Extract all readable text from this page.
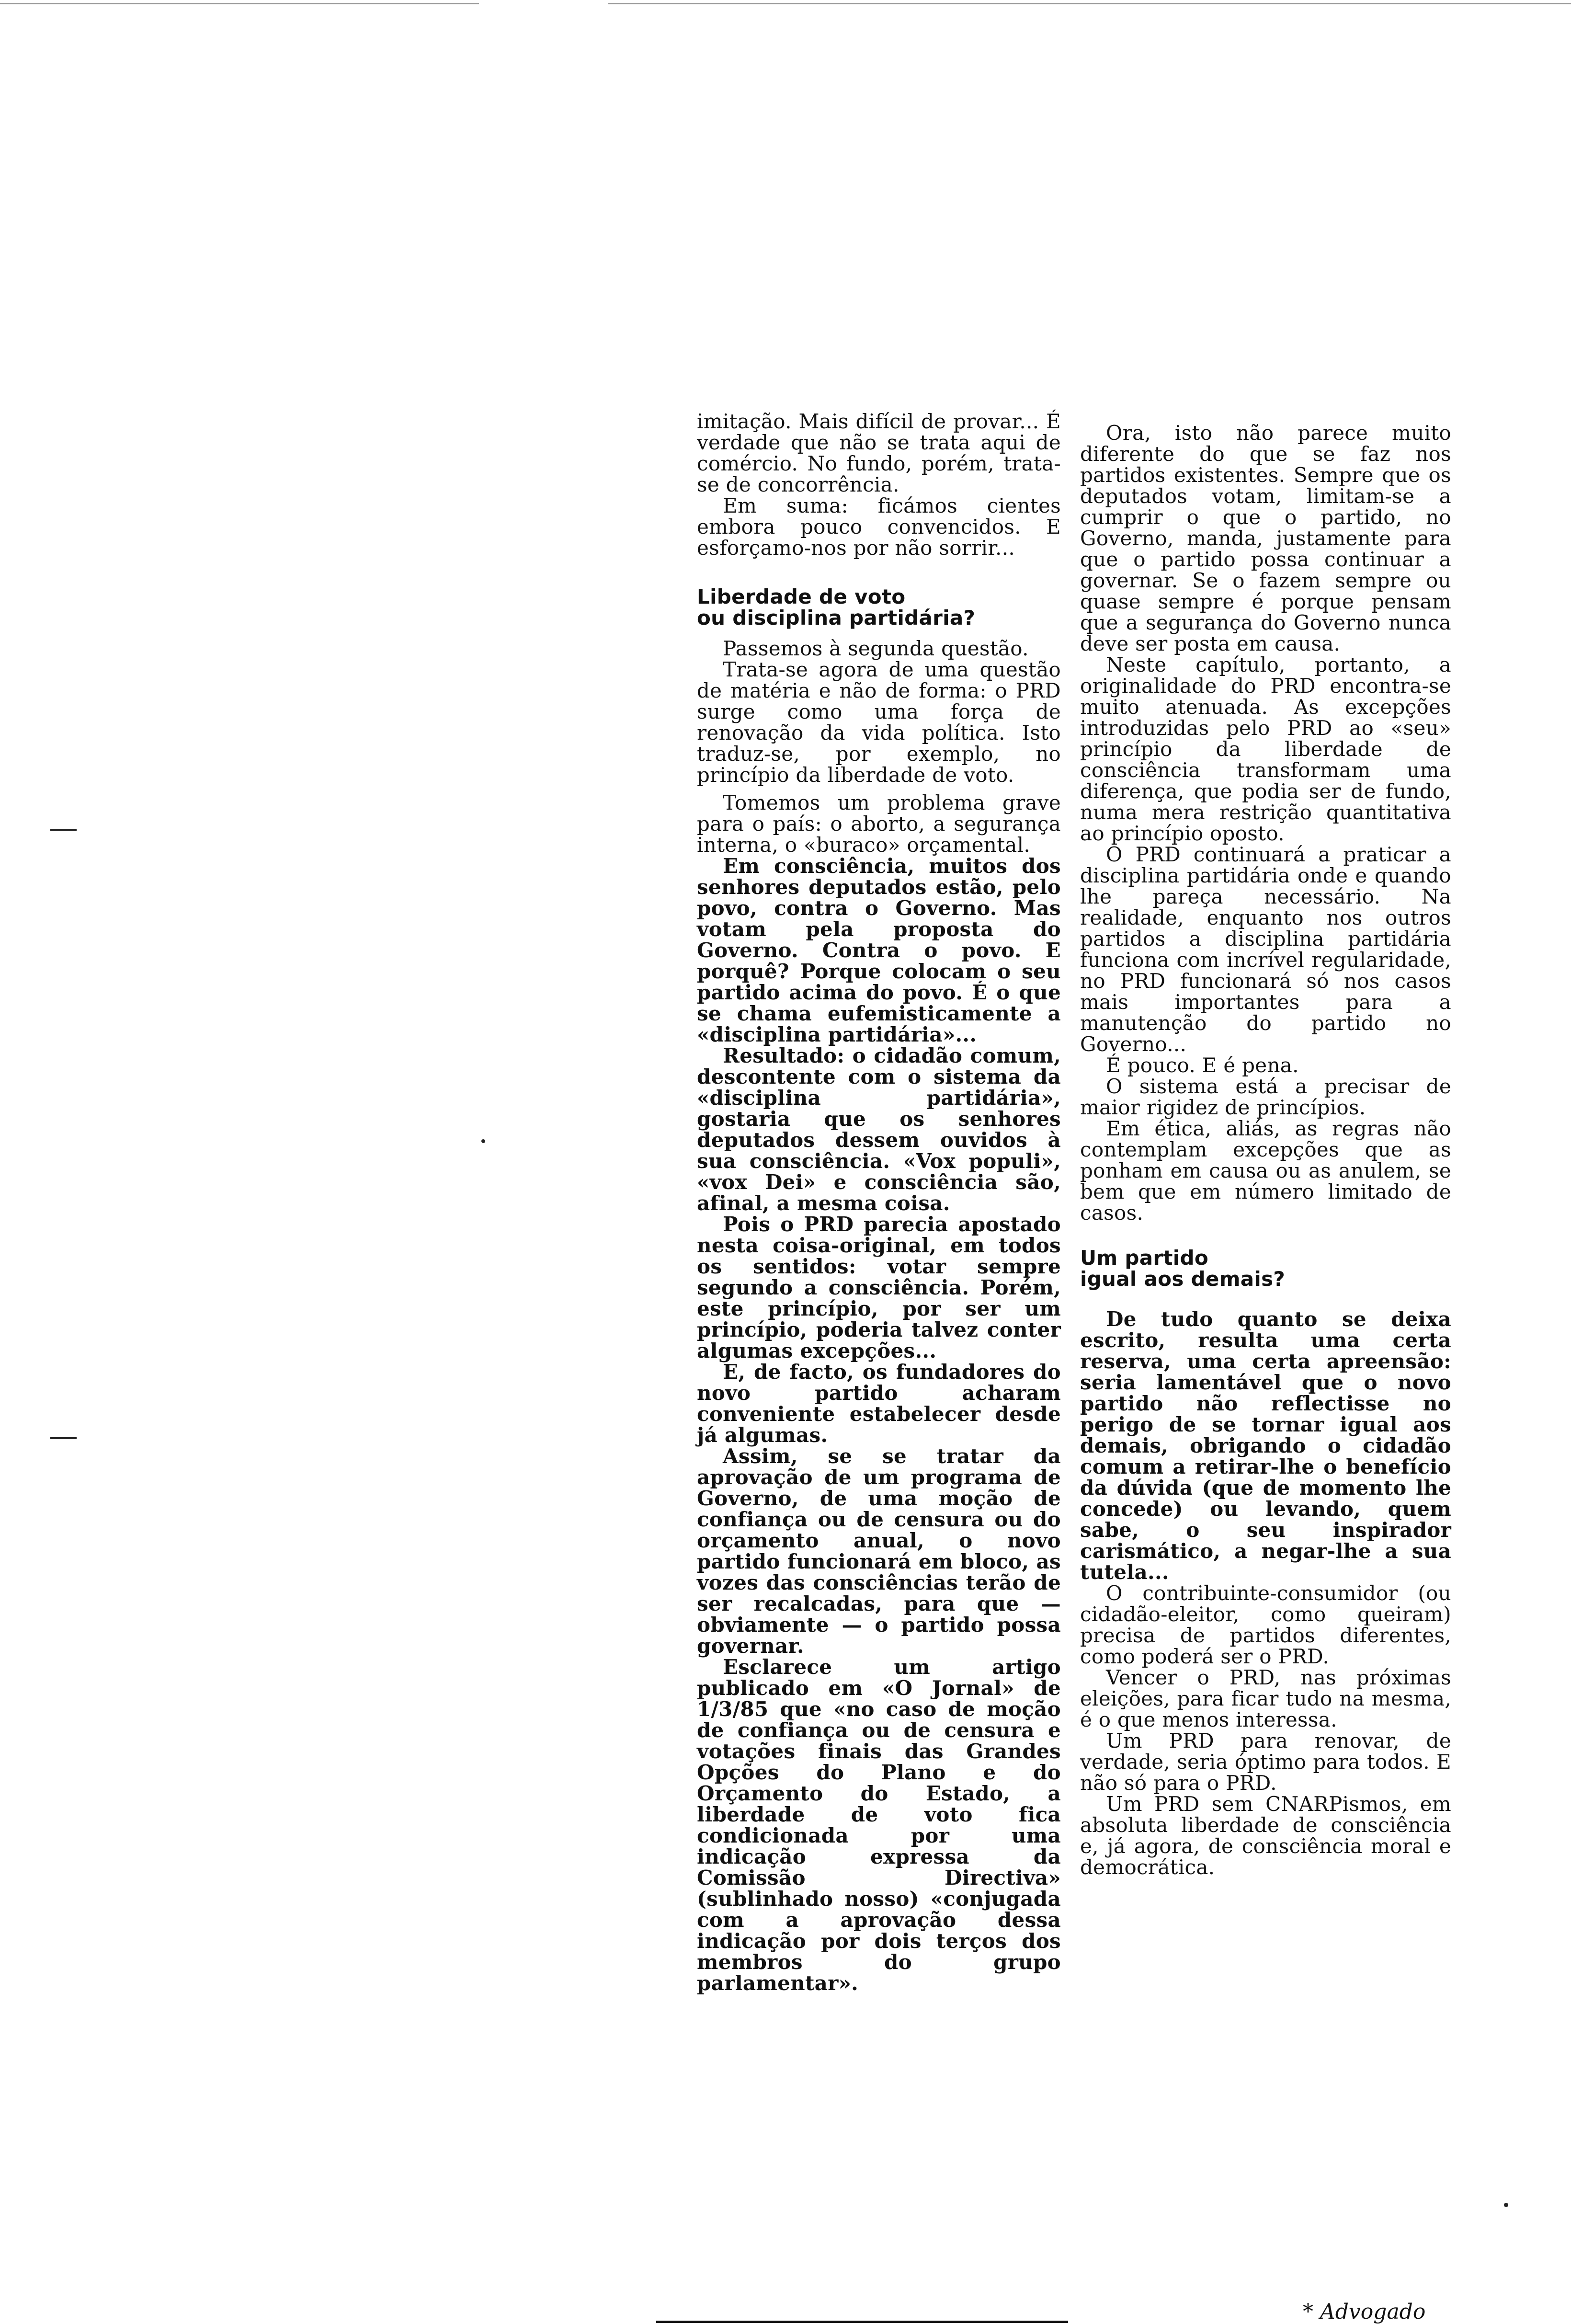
imitação. Mais difícil de provar... É verdade que não se trata aqui de comércio. No fundo, porém, trata-se de concorrência.

Em suma: ficámos cientes embora pouco convencidos. E esforçamo-nos por não sorrir...

Liberdade de voto

ou disciplina partidária?

Passemos à segunda questão.

Trata-se agora de uma questão de matéria e não de forma: o PRD surge como uma força de renovação da vida política. Isto traduz-se, por exemplo, no princípio da liberdade de voto.

Tomemos um problema grave para o país: o aborto, a segurança interna, o «buraco» orçamental.

Em consciência, muitos dos senhores deputados estão, pelo povo, contra o Governo. Mas votam pela proposta do Governo. Contra o povo. E porquê? Porque colocam o seu partido acima do povo. É o que se chama eufemisticamente a «disciplina partidária»...

Resultado: o cidadão comum, descontente com o sistema da «disciplina partidária», gostaria que os senhores deputados dessem ouvidos à sua consciência. «Vox populi», «vox Dei» e consciência são, afinal, a mesma coisa.

Pois o PRD parecia apostado nesta coisa-original, em todos os sentidos: votar sempre segundo a consciência. Porém, este princípio, por ser um princípio, poderia talvez conter algumas excepções...

E, de facto, os fundadores do novo partido acharam conveniente estabelecer desde já algumas.

Assim, se se tratar da aprovação de um programa de Governo, de uma moção de confiança ou de censura ou do orçamento anual, o novo partido funcionará em bloco, as vozes das consciências terão de ser recalcadas, para que — obviamente — o partido possa governar.

Esclarece um artigo publicado em «O Jornal» de 1/3/85 que «no caso de moção de confiança ou de censura e votações finais das Grandes Opções do Plano e do Orçamento do Estado, a liberdade de voto fica condicionada por uma indicação expressa da Comissão Directiva» (sublinhado nosso) «conjugada com a aprovação dessa indicação por dois terços dos membros do grupo parlamentar».

Ora, isto não parece muito diferente do que se faz nos partidos existentes. Sempre que os deputados votam, limitam-se a cumprir o que o partido, no Governo, manda, justamente para que o partido possa continuar a governar. Se o fazem sempre ou quase sempre é porque pensam que a segurança do Governo nunca deve ser posta em causa.

Neste capítulo, portanto, a originalidade do PRD encontra-se muito atenuada. As excepções introduzidas pelo PRD ao «seu» princípio da liberdade de consciência transformam uma diferença, que podia ser de fundo, numa mera restrição quantitativa ao princípio oposto.

O PRD continuará a praticar a disciplina partidária onde e quando lhe pareça necessário. Na realidade, enquanto nos outros partidos a disciplina partidária funciona com incrível regularidade, no PRD funcionará só nos casos mais importantes para a manutenção do partido no Governo...

É pouco. E é pena.

O sistema está a precisar de maior rigidez de princípios.

Em ética, aliás, as regras não contemplam excepções que as ponham em causa ou as anulem, se bem que em número limitado de casos.

Um partido

igual aos demais?

De tudo quanto se deixa escrito, resulta uma certa reserva, uma certa apreensão: seria lamentável que o novo partido não reflectisse no perigo de se tornar igual aos demais, obrigando o cidadão comum a retirar-lhe o benefício da dúvida (que de momento lhe concede) ou levando, quem sabe, o seu inspirador carismático, a negar-lhe a sua tutela...

O contribuinte-consumidor (ou cidadão-eleitor, como queiram) precisa de partidos diferentes, como poderá ser o PRD.

Vencer o PRD, nas próximas eleições, para ficar tudo na mesma, é o que menos interessa.

Um PRD para renovar, de verdade, seria óptimo para todos. E não só para o PRD.

Um PRD sem CNARPismos, em absoluta liberdade de consciência e, já agora, de consciência moral e democrática.

* Advogado
